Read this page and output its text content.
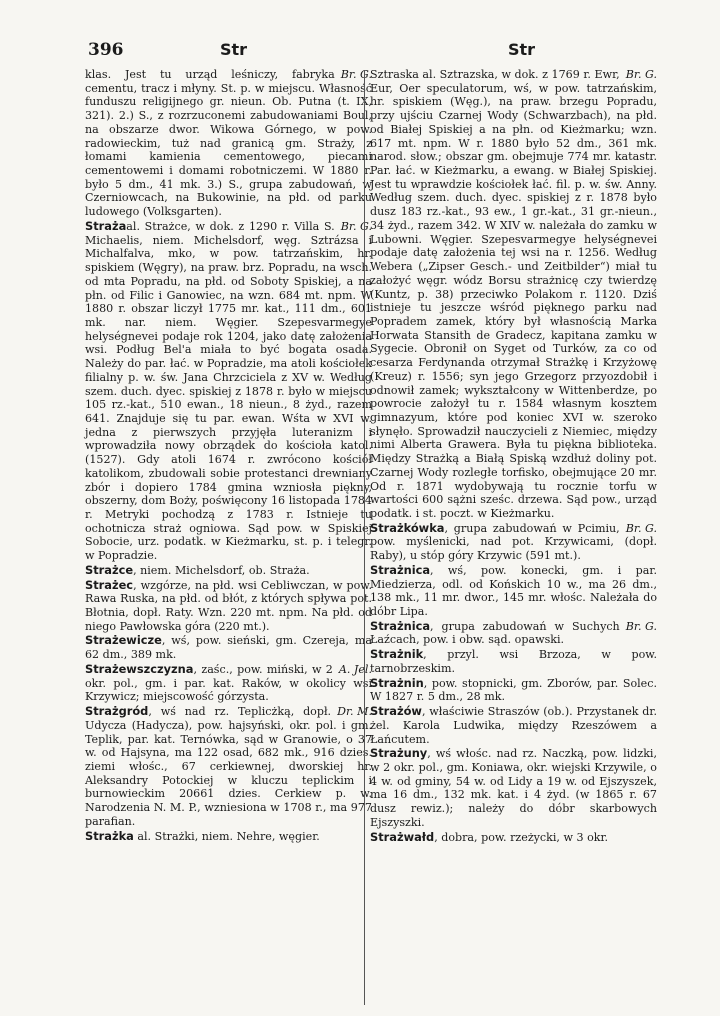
396	Str	Str

Br. G.
klas. Jest tu urząd leśniczy, fabryka cementu, tracz i młyny. St. p. w miejscu. Własność funduszu religijnego gr. nieun. Ob. Putna (t. IX, 321). 2.) S., z rozrzuconemi zabudowaniami Boul, na obszarze dwor. Wikowa Górnego, w pow. radowieckim, tuż nad granicą gm. Straży, z łomami kamienia cementowego, piecami cementowemi i domami robotniczemi. W 1880 r. było 5 dm., 41 mk. 3.) S., grupa zabudowań, w Czerniowcach, na Bukowinie, na płd. od parku ludowego (Volksgarten).

Br. G.
Strażaal. Strażce, w dok. z 1290 r. Villa S. Michaelis, niem. Michelsdorf, węg. Sztrázsa i Michalfalva, mko, w pow. tatrzańskim, hr. spiskiem (Węgry), na praw. brz. Popradu, na wsch. od mta Popradu, na płd. od Soboty Spiskiej, a na płn. od Filic i Ganowiec, na wzn. 684 mt. npm. W 1880 r. obszar liczył 1775 mr. kat., 111 dm., 601 mk. nar. niem. Węgier. Szepesvarmegye helységnevei podaje rok 1204, jako datę założenia wsi. Podług Bel'a miała to być bogata osada. Należy do par. łać. w Popradzie, ma atoli kościołek filialny p. w. św. Jana Chrzciciela z XV w. Według szem. duch. dyec. spiskiej z 1878 r. było w miejscu 105 rz.-kat., 510 ewan., 18 nieun., 8 żyd., razem 641. Znajduje się tu par. ewan. Wśta w XVI w. jedna z pierwszych przyjęła luteranizm i wprowadziła nowy obrządek do kościoła katol. (1527). Gdy atoli 1674 r. zwrócono kościół katolikom, zbudowali sobie protestanci drewniany zbór i dopiero 1784 gmina wzniosła piękny, obszerny, dom Boży, poświęcony 16 listopada 1784 r. Metryki pochodzą z 1783 r. Istnieje tu ochotnicza straż ogniowa. Sąd pow. w Spiskiej Sobocie, urz. podatk. w Kieżmarku, st. p. i telegr. w Popradzie.

Strażce, niem. Michelsdorf, ob. Straża.

Strażec, wzgórze, na płd. wsi Cebliwczan, w pow. Rawa Ruska, na płd. od błót, z których spływa pot. Błotnia, dopł. Raty. Wzn. 220 mt. npm. Na płd. od niego Pawłowska góra (220 mt.).

Strażewicze, wś, pow. sieński, gm. Czereja, ma 62 dm., 389 mk.

A. Jel.
Strażewszczyzna, zaśc., pow. miński, w 2 okr. pol., gm. i par. kat. Raków, w okolicy wsi Krzywicz; miejscowość górzysta.

Dr. M.
Strażgród, wś nad rz. Teplicżką, dopł. Udycza (Hadycza), pow. hajsyński, okr. pol. i gm. Teplik, par. kat. Ternówka, sąd w Granowie, o 37 w. od Hajsyna, ma 122 osad, 682 mk., 916 dzies. ziemi włośc., 67 cerkiewnej, dworskiej hr. Aleksandry Potockiej w kluczu teplickim i burnowieckim 20661 dzies. Cerkiew p. w. Narodzenia N. M. P., wzniesiona w 1708 r., ma 977 parafian.

Strażka al. Strażki, niem. Nehre, węgier.

Br. G.
Sztraska al. Sztrazska, w dok. z 1769 r. Ewr, Eur, Oer speculatorum, wś, w pow. tatrzańskim, hr. spiskiem (Węg.), na praw. brzegu Popradu, przy ujściu Czarnej Wody (Schwarzbach), na płd. od Białej Spiskiej a na płn. od Kieżmarku; wzn. 617 mt. npm. W r. 1880 było 52 dm., 361 mk. narod. słow.; obszar gm. obejmuje 774 mr. katastr. Par. łać. w Kieżmarku, a ewang. w Białej Spiskiej. Jest tu wprawdzie kościołek łać. fil. p. w. św. Anny. Według szem. duch. dyec. spiskiej z r. 1878 było dusz 183 rz.-kat., 93 ew., 1 gr.-kat., 31 gr.-nieun., 34 żyd., razem 342. W XIV w. należała do zamku w Lubowni. Węgier. Szepesvarmegye helységnevei podaje datę założenia tej wsi na r. 1256. Według Webera („Zipser Gesch.- und Zeitbilder“) miał tu założyć węgr. wódz Borsu strażnicę czy twierdzę (Kuntz, p. 38) przeciwko Polakom r. 1120. Dziś istnieje tu jeszcze wśród pięknego parku nad Popradem zamek, który był własnością Marka Horwata Stansith de Gradecz, kapitana zamku w Sygecie. Obronił on Syget od Turków, za co od cesarza Ferdynanda otrzymał Strażkę i Krzyżowę (Kreuz) r. 1556; syn jego Grzegorz przyozdobił i odnowił zamek; wykształcony w Wittenberdze, po powrocie założył tu r. 1584 własnym kosztem gimnazyum, które pod koniec XVI w. szeroko słynęło. Sprowadził nauczycieli z Niemiec, między nimi Alberta Grawera. Była tu piękna biblioteka. Między Strażką a Białą Spiską wzdłuż doliny pot. Czarnej Wody rozległe torfisko, obejmujące 20 mr. Od r. 1871 wydobywają tu rocznie torfu w wartości 600 sążni sześc. drzewa. Sąd pow., urząd podatk. i st. poczt. w Kieżmarku.

Br. G.
Strażkówka, grupa zabudowań w Pcimiu, pow. myślenicki, nad pot. Krzywicami, (dopł. Raby), u stóp góry Krzywic (591 mt.).

Strażnica, wś, pow. konecki, gm. i par. Miedzierza, odl. od Końskich 10 w., ma 26 dm., 138 mk., 11 mr. dwor., 145 mr. włośc. Należała do dóbr Lipa.

Br. G.
Strażnica, grupa zabudowań w Suchych Łaźcach, pow. i obw. sąd. opawski.

Strażnik, przyl. wsi Brzoza, w pow. tarnobrzeskim.

Strażnin, pow. stopnicki, gm. Zborów, par. Solec. W 1827 r. 5 dm., 28 mk.

Strażów, właściwie Straszów (ob.). Przystanek dr. żel. Karola Ludwika, między Rzeszówem a Łańcutem.

Strażuny, wś włośc. nad rz. Naczką, pow. lidzki, w 2 okr. pol., gm. Koniawa, okr. wiejski Krzywile, o 4 w. od gminy, 54 w. od Lidy a 19 w. od Ejszyszek, ma 16 dm., 132 mk. kat. i 4 żyd. (w 1865 r. 67 dusz rewiz.); należy do dóbr skarbowych Ejszyszki.

Strażwałd, dobra, pow. rzeżycki, w 3 okr.
